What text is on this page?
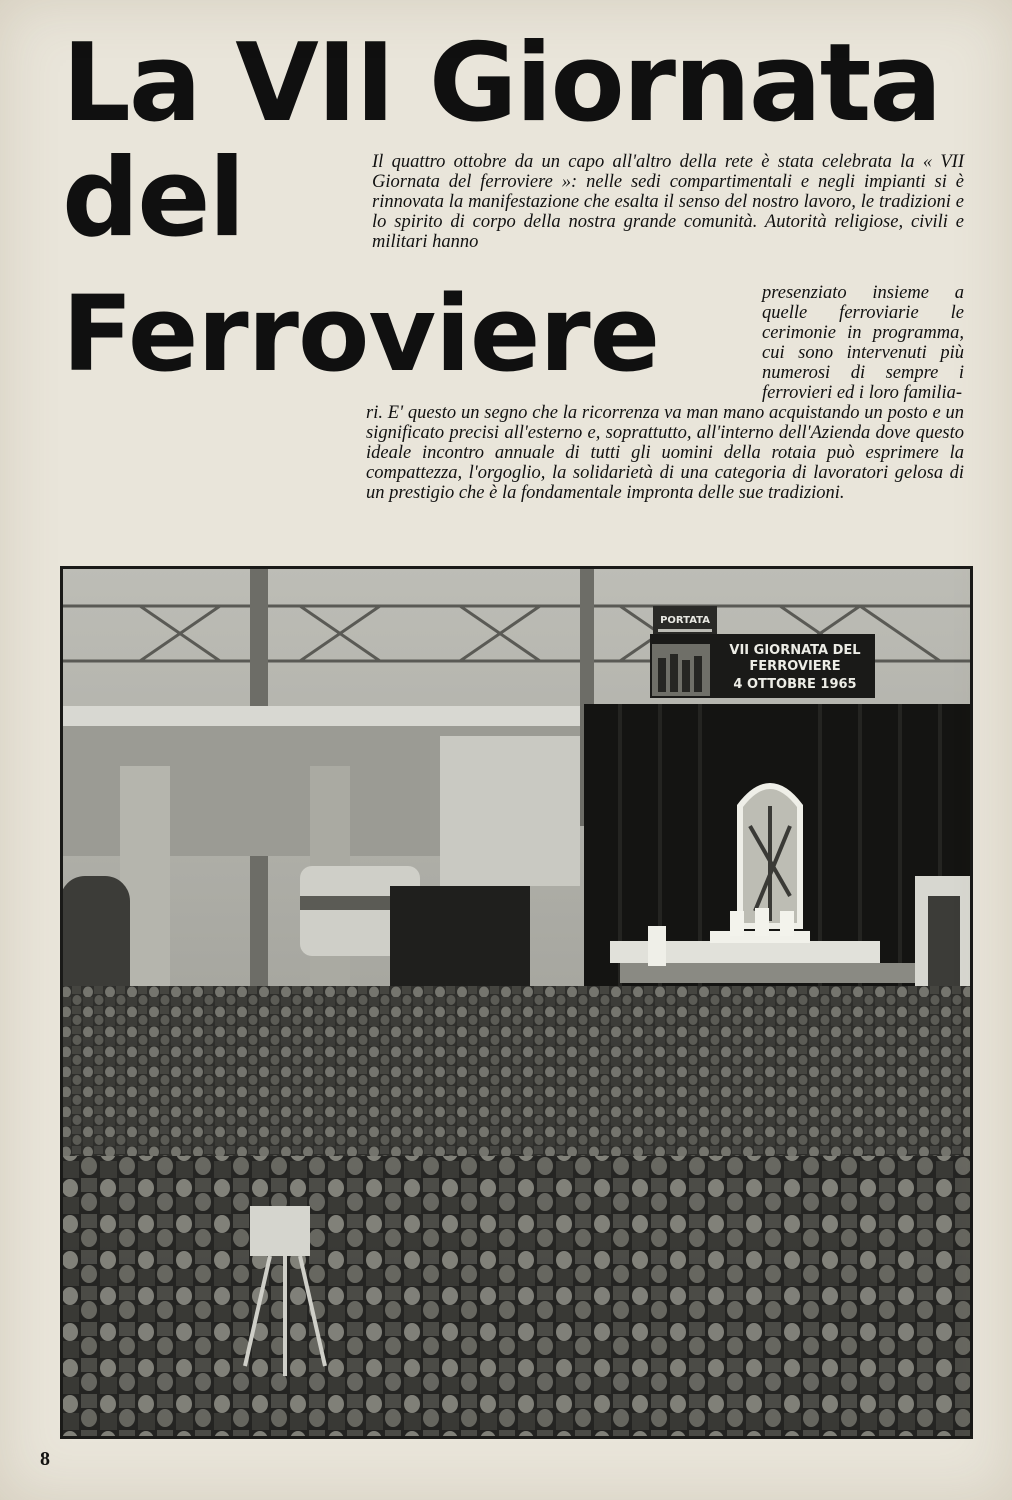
La VII Giornata
del
Ferroviere

Il quattro ottobre da un capo all'altro della rete è stata celebrata la « VII Giornata del ferroviere »: nelle sedi compartimentali e negli impianti si è rinnovata la manifestazione che esalta il senso del nostro lavoro, le tradizioni e lo spirito di corpo della nostra grande comunità. Autorità religiose, civili e militari hanno

presenziato insieme a quelle ferroviarie le cerimonie in programma, cui sono intervenuti più numerosi di sempre i ferrovieri ed i loro familia-

ri. E' questo un segno che la ricorrenza va man mano acquistando un posto e un significato precisi all'esterno e, soprattutto, all'interno dell'Azienda dove questo ideale incontro annuale di tutti gli uomini della rotaia può esprimere la compattezza, l'orgoglio, la solidarietà di una categoria di lavoratori gelosa di un prestigio che è la fondamentale impronta delle sue tradizioni.

PORTATA
VII GIORNATA DEL
FERROVIERE
4 OTTOBRE 1965

8
